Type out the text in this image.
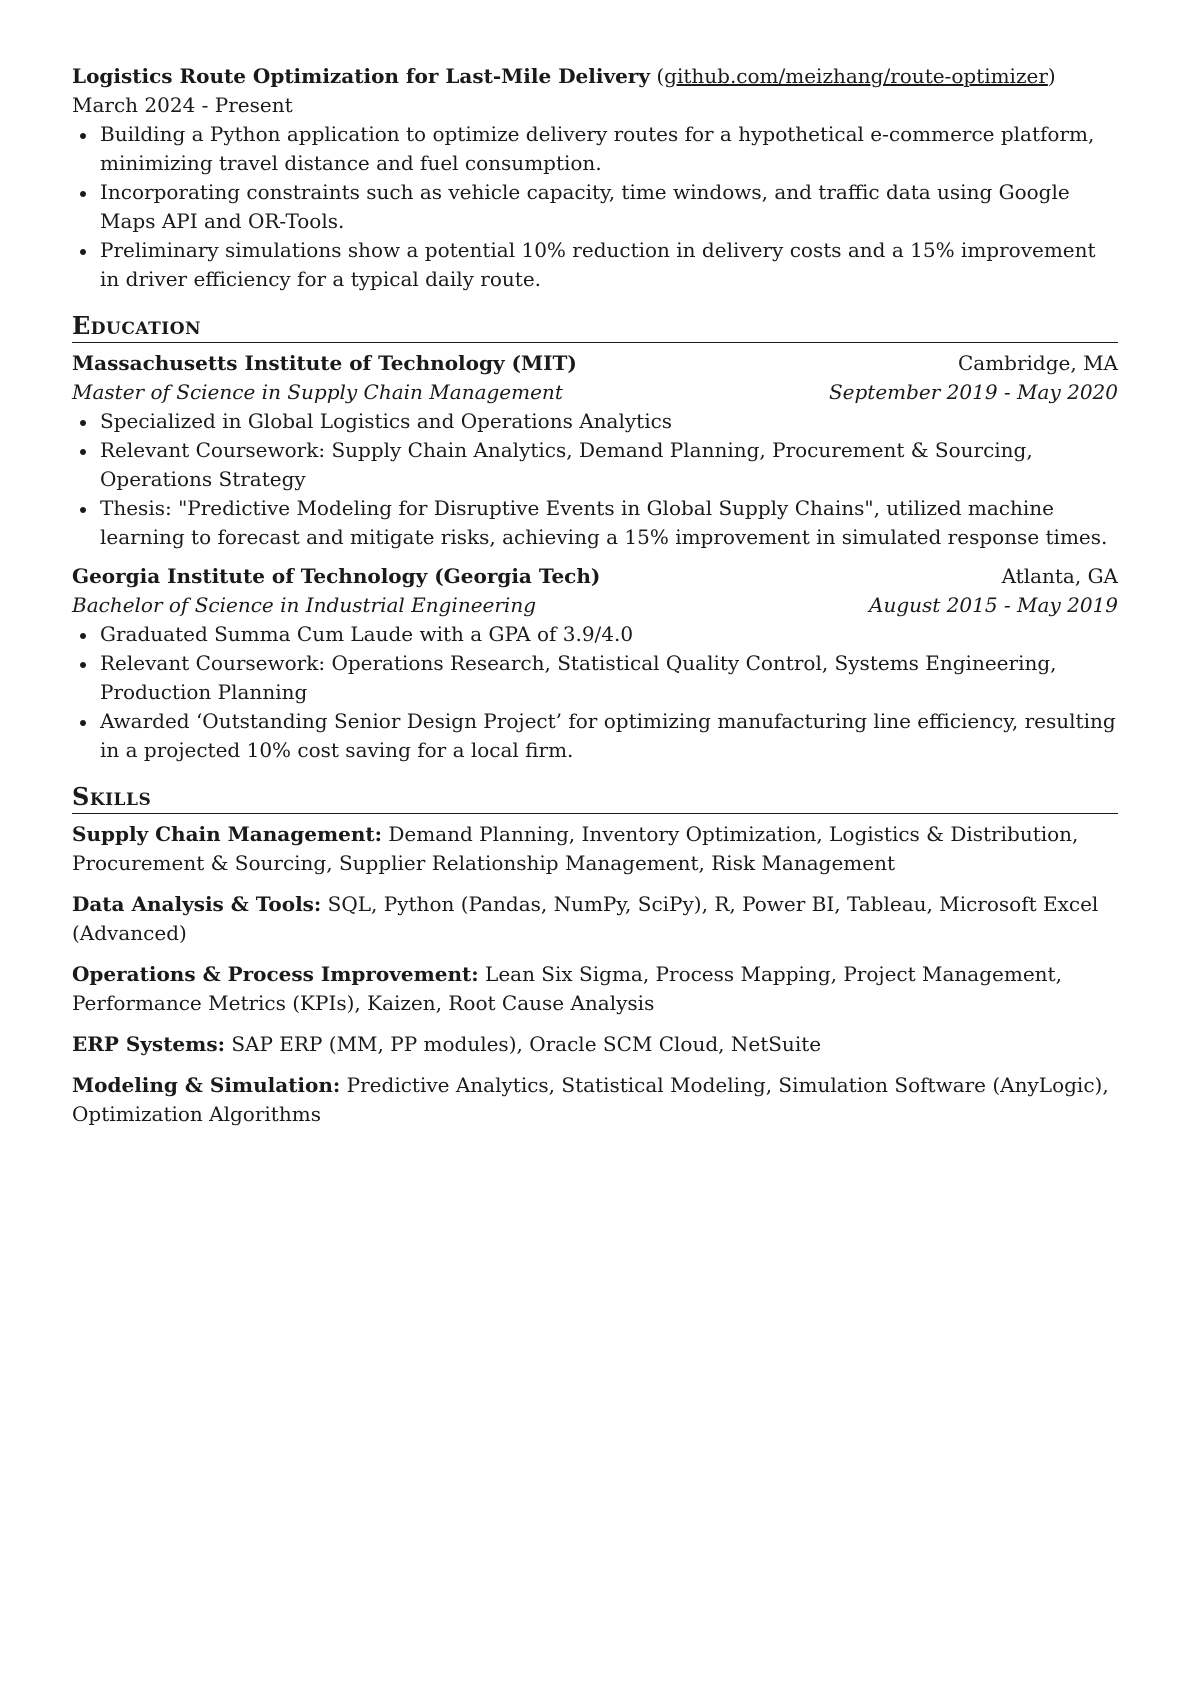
Logistics Route Optimization for Last-Mile Delivery (github.com/meizhang/route-optimizer) March 2024 - Present

Building a Python application to optimize delivery routes for a hypothetical e-commerce platform, minimizing travel distance and fuel consumption.
Incorporating constraints such as vehicle capacity, time windows, and traffic data using Google Maps API and OR-Tools.
Preliminary simulations show a potential 10% reduction in delivery costs and a 15% improvement in driver efficiency for a typical daily route.
Education
Massachusetts Institute of Technology (MIT)	Cambridge, MA
Master of Science in Supply Chain Management	September 2019 - May 2020
Specialized in Global Logistics and Operations Analytics
Relevant Coursework: Supply Chain Analytics, Demand Planning, Procurement & Sourcing, Operations Strategy
Thesis: "Predictive Modeling for Disruptive Events in Global Supply Chains", utilized machine learning to forecast and mitigate risks, achieving a 15% improvement in simulated response times.
Georgia Institute of Technology (Georgia Tech)	Atlanta, GA
Bachelor of Science in Industrial Engineering	August 2015 - May 2019
Graduated Summa Cum Laude with a GPA of 3.9/4.0
Relevant Coursework: Operations Research, Statistical Quality Control, Systems Engineering, Production Planning
Awarded ‘Outstanding Senior Design Project’ for optimizing manufacturing line efficiency, resulting in a projected 10% cost saving for a local firm.
Skills
Supply Chain Management: Demand Planning, Inventory Optimization, Logistics & Distribution, Procurement & Sourcing, Supplier Relationship Management, Risk Management
Data Analysis & Tools: SQL, Python (Pandas, NumPy, SciPy), R, Power BI, Tableau, Microsoft Excel (Advanced)
Operations & Process Improvement: Lean Six Sigma, Process Mapping, Project Management, Performance Metrics (KPIs), Kaizen, Root Cause Analysis
ERP Systems: SAP ERP (MM, PP modules), Oracle SCM Cloud, NetSuite
Modeling & Simulation: Predictive Analytics, Statistical Modeling, Simulation Software (AnyLogic), Optimization Algorithms
